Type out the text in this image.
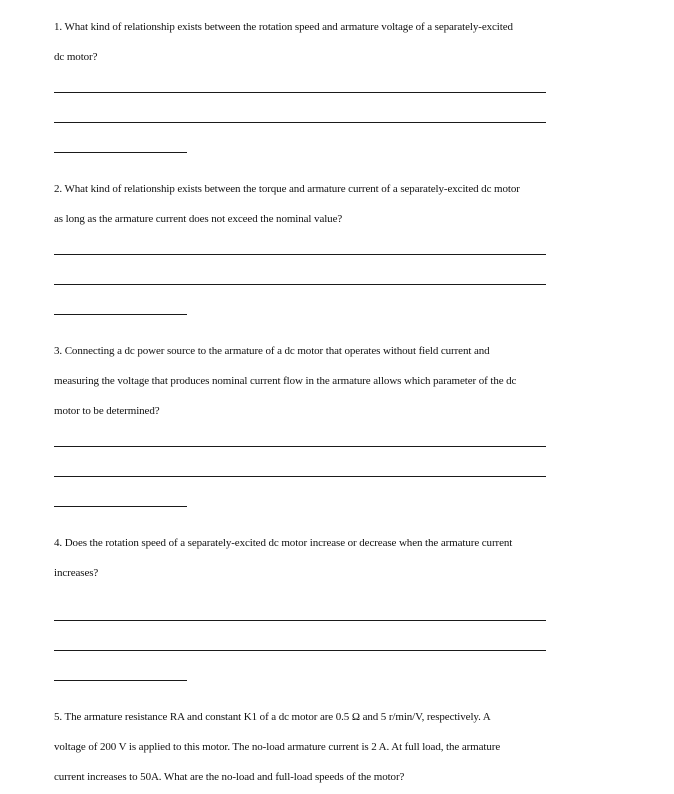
1. What kind of relationship exists between the rotation speed and armature voltage of a separately-excited
dc motor?
2. What kind of relationship exists between the torque and armature current of a separately-excited dc motor
as long as the armature current does not exceed the nominal value?
3. Connecting a dc power source to the armature of a dc motor that operates without field current and
measuring the voltage that produces nominal current flow in the armature allows which parameter of the dc
motor to be determined?
4. Does the rotation speed of a separately-excited dc motor increase or decrease when the armature current
increases?
5. The armature resistance RA and constant K1 of a dc motor are 0.5 Ω and 5 r/min/V, respectively. A
voltage of 200 V is applied to this motor. The no-load armature current is 2 A. At full load, the armature
current increases to 50A. What are the no-load and full-load speeds of the motor?
